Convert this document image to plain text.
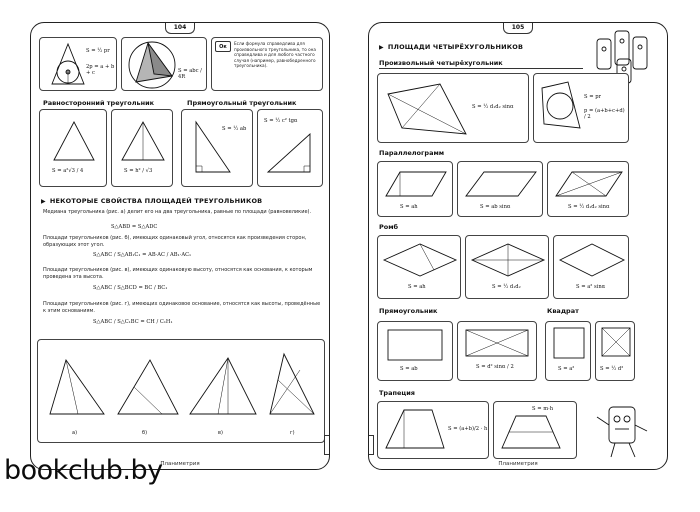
104
S = ½ pr
2p = a + b + c	S = abc / 4R
Ок
Если формула справедлива для произвольного треугольника, то она справедлива и для любого частного случая (например, равнобедренного треугольника).
Равносторонний треугольник
S = a²√3 / 4	S = h² / √3
Прямоугольный треугольник
S = ½ ab
S = ½ c² tgα
▶ НЕКОТОРЫЕ СВОЙСТВА ПЛОЩАДЕЙ ТРЕУГОЛЬНИКОВ
Медиана треугольника (рис. а) делит его на два треугольника, равные по площади (равновеликие).
S△ABD = S△ADC
Площади треугольников (рис. б), имеющих одинаковый угол, относятся как произведения сторон, образующих этот угол.
S△ABC / S△AB₁C₁ = AB·AC / AB₁·AC₁
Площади треугольников (рис. в), имеющих одинаковую высоту, относятся как основания, к которым проведена эта высота.
S△ABC / S△BCD = BC / BC₁
Площади треугольников (рис. г), имеющих одинаковое основание, относятся как высоты, проведённые к этим основаниям.
S△ABC / S△C₁BC = CH / C₁H₁
а)	б)	в)	г)
Планиметрия
105
▶ ПЛОЩАДИ ЧЕТЫРЁХУГОЛЬНИКОВ
Произвольный четырёхугольник
S = ½ d₁d₂ sinα
S = pr
p = (a+b+c+d) / 2
Параллелограмм
S = ah	S = ab sinα	S = ½ d₁d₂ sinα
Ромб
S = ah	S = ½ d₁d₂	S = a² sinα
Прямоугольник
S = ab	S = d² sinα / 2
Квадрат
S = a²	S = ½ d²
Трапеция
S = (a+b)/2 · h
S = m·h
Планиметрия
bookclub.by
